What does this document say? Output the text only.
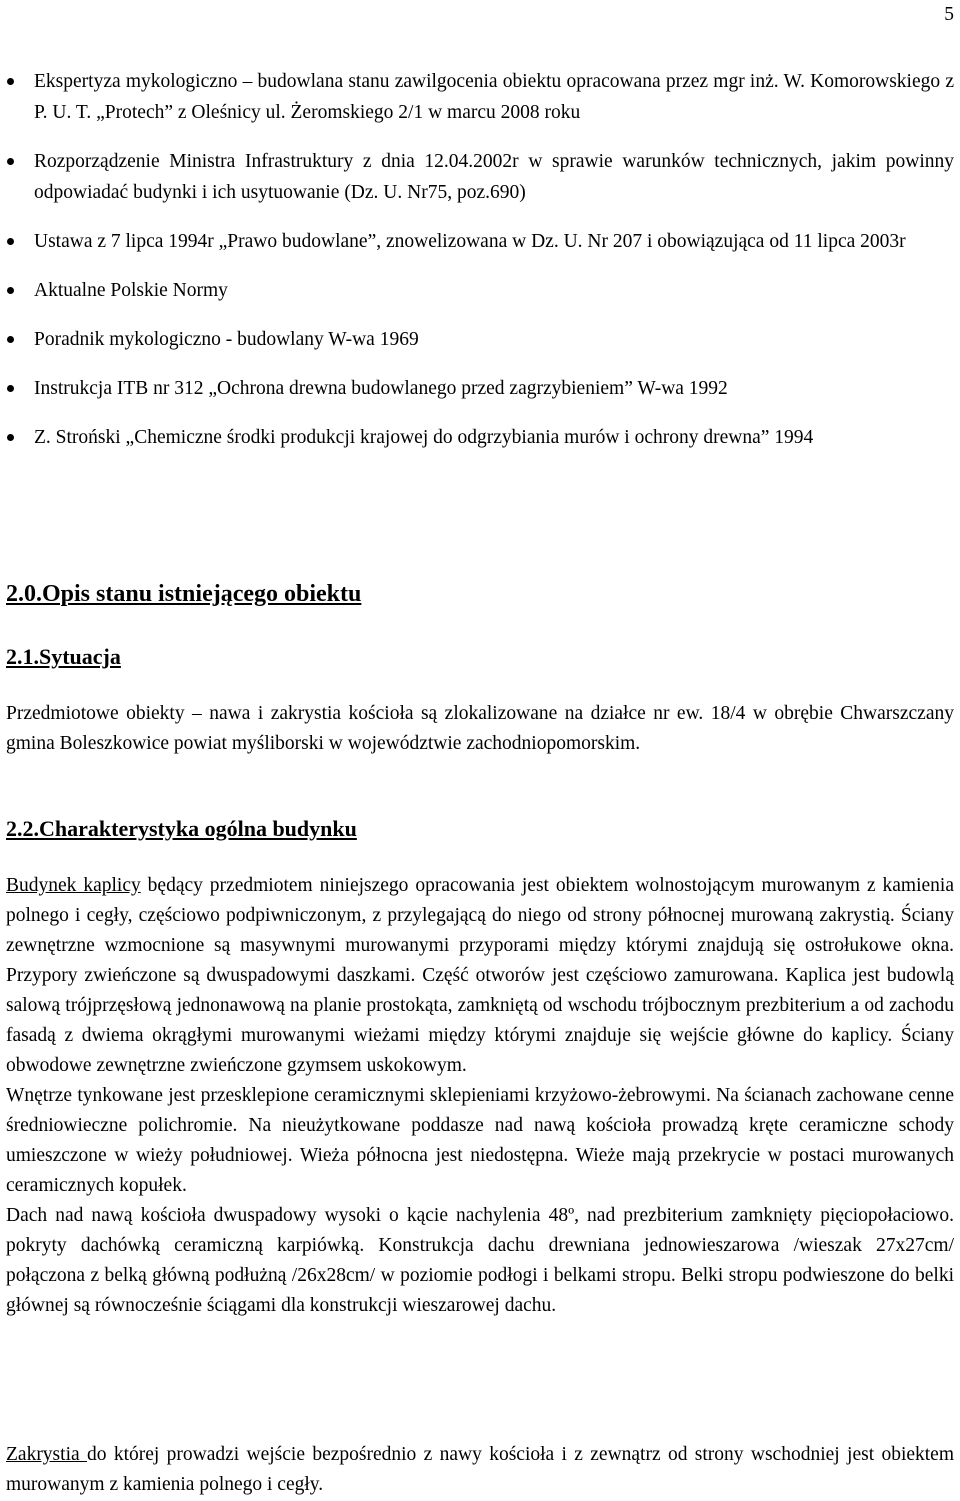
5
Ekspertyza mykologiczno – budowlana stanu zawilgocenia obiektu opracowana przez mgr inż. W. Komorowskiego z P. U. T. „Protech” z Oleśnicy ul. Żeromskiego 2/1 w marcu 2008 roku
Rozporządzenie Ministra Infrastruktury z dnia 12.04.2002r w sprawie warunków technicznych, jakim powinny odpowiadać budynki i ich usytuowanie (Dz. U. Nr75, poz.690)
Ustawa z 7 lipca 1994r „Prawo budowlane”, znowelizowana w Dz. U. Nr 207 i obowiązująca od 11 lipca 2003r
Aktualne Polskie Normy
Poradnik mykologiczno - budowlany W-wa 1969
Instrukcja ITB nr 312 „Ochrona drewna budowlanego przed zagrzybieniem” W-wa 1992
Z. Stroński „Chemiczne środki produkcji krajowej do odgrzybiania murów i ochrony drewna” 1994
2.0.Opis stanu istniejącego obiektu
2.1.Sytuacja

Przedmiotowe obiekty – nawa i zakrystia kościoła są zlokalizowane na działce nr ew. 18/4 w obrębie Chwarszczany gmina Boleszkowice powiat myśliborski w województwie zachodniopomorskim.

2.2.Charakterystyka ogólna budynku
Budynek kaplicy będący przedmiotem niniejszego opracowania jest obiektem wolnostojącym murowanym z kamienia polnego i cegły, częściowo podpiwniczonym, z przylegającą do niego od strony północnej murowaną zakrystią. Ściany zewnętrzne wzmocnione są masywnymi murowanymi przyporami między którymi znajdują się ostrołukowe okna. Przypory zwieńczone są dwuspadowymi daszkami. Część otworów jest częściowo zamurowana. Kaplica jest budowlą salową trójprzęsłową jednonawową na planie prostokąta, zamkniętą od wschodu trójbocznym prezbiterium a od zachodu fasadą z dwiema okrągłymi murowanymi wieżami między którymi znajduje się wejście główne do kaplicy. Ściany obwodowe zewnętrzne zwieńczone gzymsem uskokowym.
Wnętrze tynkowane jest przesklepione ceramicznymi sklepieniami krzyżowo-żebrowymi. Na ścianach zachowane cenne średniowieczne polichromie. Na nieużytkowane poddasze nad nawą kościoła prowadzą kręte ceramiczne schody umieszczone w wieży południowej. Wieża północna jest niedostępna. Wieże mają przekrycie w postaci murowanych ceramicznych kopułek.
Dach nad nawą kościoła dwuspadowy wysoki o kącie nachylenia 48º, nad prezbiterium zamknięty pięciopołaciowo. pokryty dachówką ceramiczną karpiówką. Konstrukcja dachu drewniana jednowieszarowa /wieszak 27x27cm/ połączona z belką główną podłużną /26x28cm/ w poziomie podłogi i belkami stropu. Belki stropu podwieszone do belki głównej są równocześnie ściągami dla konstrukcji wieszarowej dachu.
Zakrystia do której prowadzi wejście bezpośrednio z nawy kościoła i z zewnątrz od strony wschodniej jest obiektem murowanym z kamienia polnego i cegły.
